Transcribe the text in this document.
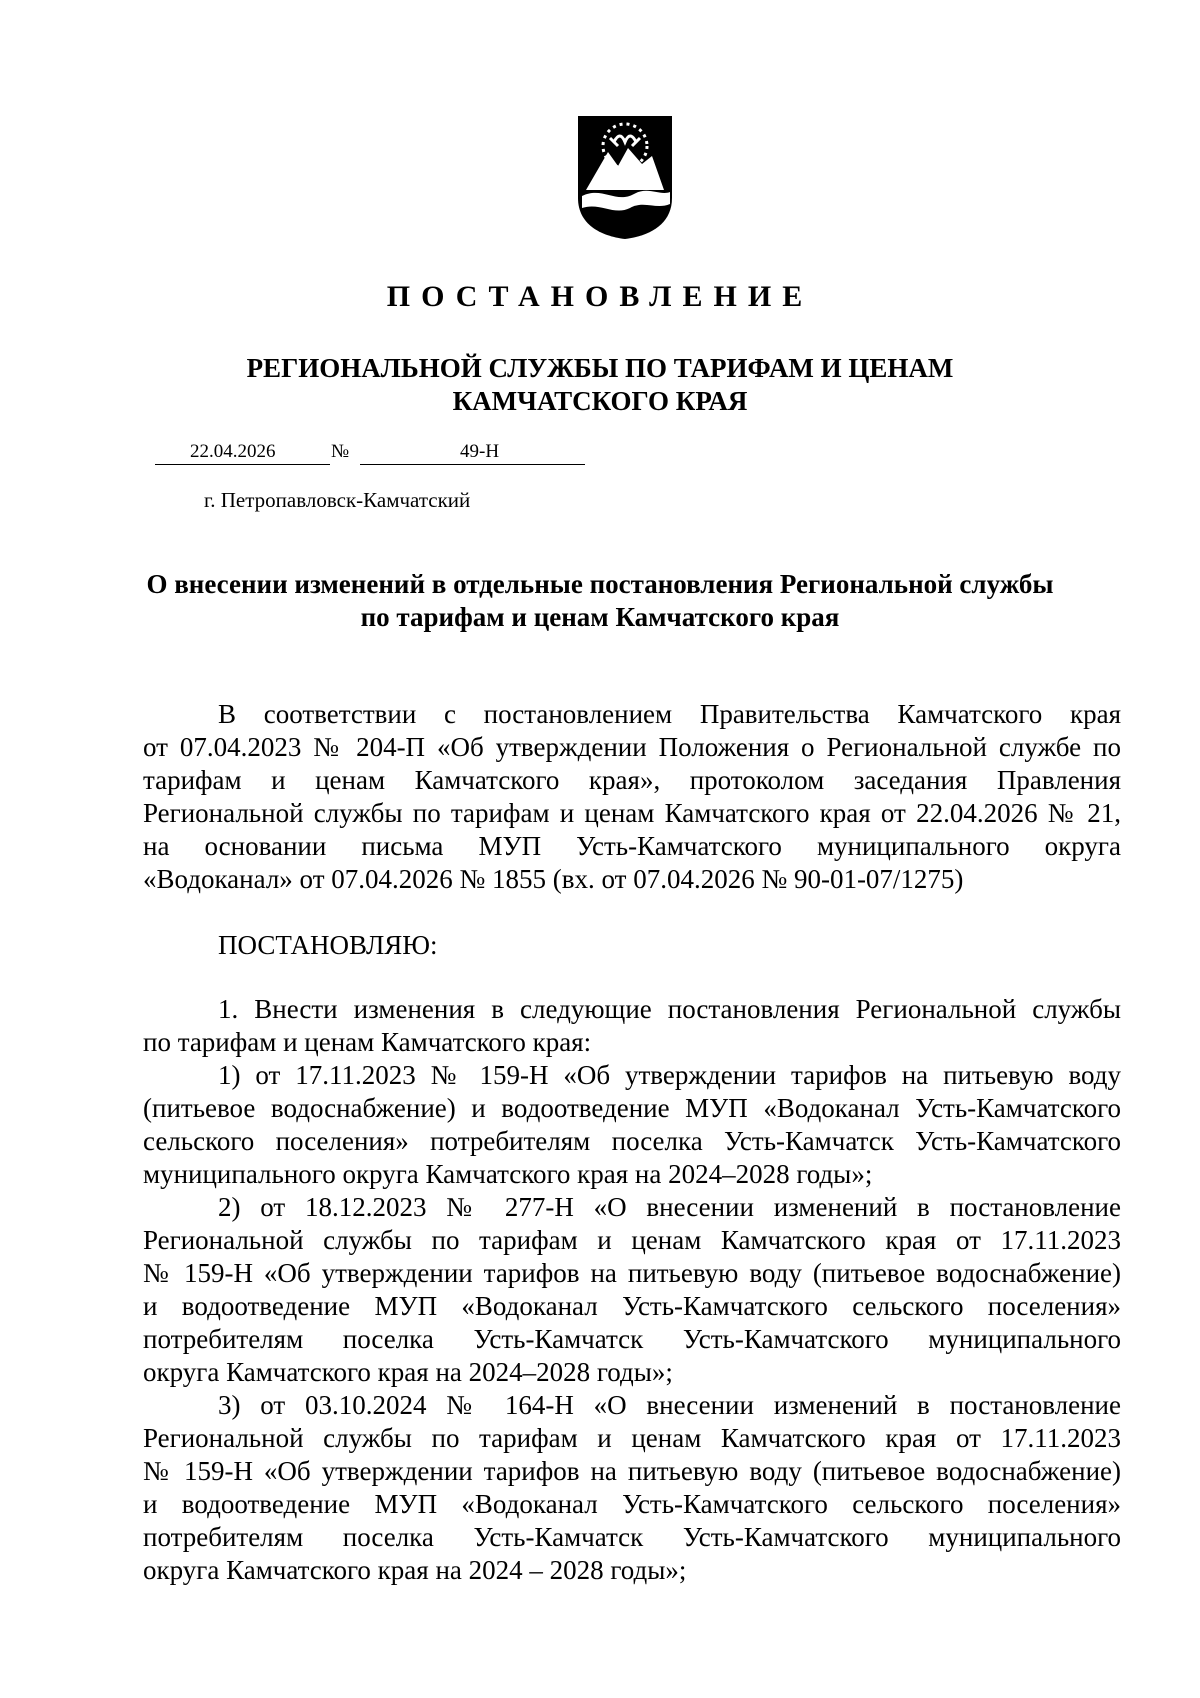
ПОСТАНОВЛЕНИЕ
РЕГИОНАЛЬНОЙ СЛУЖБЫ ПО ТАРИФАМ И ЦЕНАМ
КАМЧАТСКОГО КРАЯ
22.04.2026	№	49-Н
г. Петропавловск-Камчатский
О внесении изменений в отдельные постановления Региональной службы
по тарифам и ценам Камчатского края
В соответствии с постановлением Правительства Камчатского края
от 07.04.2023 № 204-П «Об утверждении Положения о Региональной службе по
тарифам и ценам Камчатского края», протоколом заседания Правления
Региональной службы по тарифам и ценам Камчатского края от 22.04.2026 № 21,
на основании письма МУП Усть-Камчатского муниципального округа
«Водоканал» от 07.04.2026 № 1855 (вх. от 07.04.2026 № 90-01-07/1275)
ПОСТАНОВЛЯЮ:
1. Внести изменения в следующие постановления Региональной службы
по тарифам и ценам Камчатского края:
1) от 17.11.2023 № 159-Н «Об утверждении тарифов на питьевую воду
(питьевое водоснабжение) и водоотведение МУП «Водоканал Усть-Камчатского
сельского поселения» потребителям поселка Усть-Камчатск Усть-Камчатского
муниципального округа Камчатского края на 2024–2028 годы»;
2) от 18.12.2023 № 277-Н «О внесении изменений в постановление
Региональной службы по тарифам и ценам Камчатского края от 17.11.2023
№ 159-Н «Об утверждении тарифов на питьевую воду (питьевое водоснабжение)
и водоотведение МУП «Водоканал Усть-Камчатского сельского поселения»
потребителям поселка Усть-Камчатск Усть-Камчатского муниципального
округа Камчатского края на 2024–2028 годы»;
3) от 03.10.2024 № 164-Н «О внесении изменений в постановление
Региональной службы по тарифам и ценам Камчатского края от 17.11.2023
№ 159-Н «Об утверждении тарифов на питьевую воду (питьевое водоснабжение)
и водоотведение МУП «Водоканал Усть-Камчатского сельского поселения»
потребителям поселка Усть-Камчатск Усть-Камчатского муниципального
округа Камчатского края на 2024 – 2028 годы»;
